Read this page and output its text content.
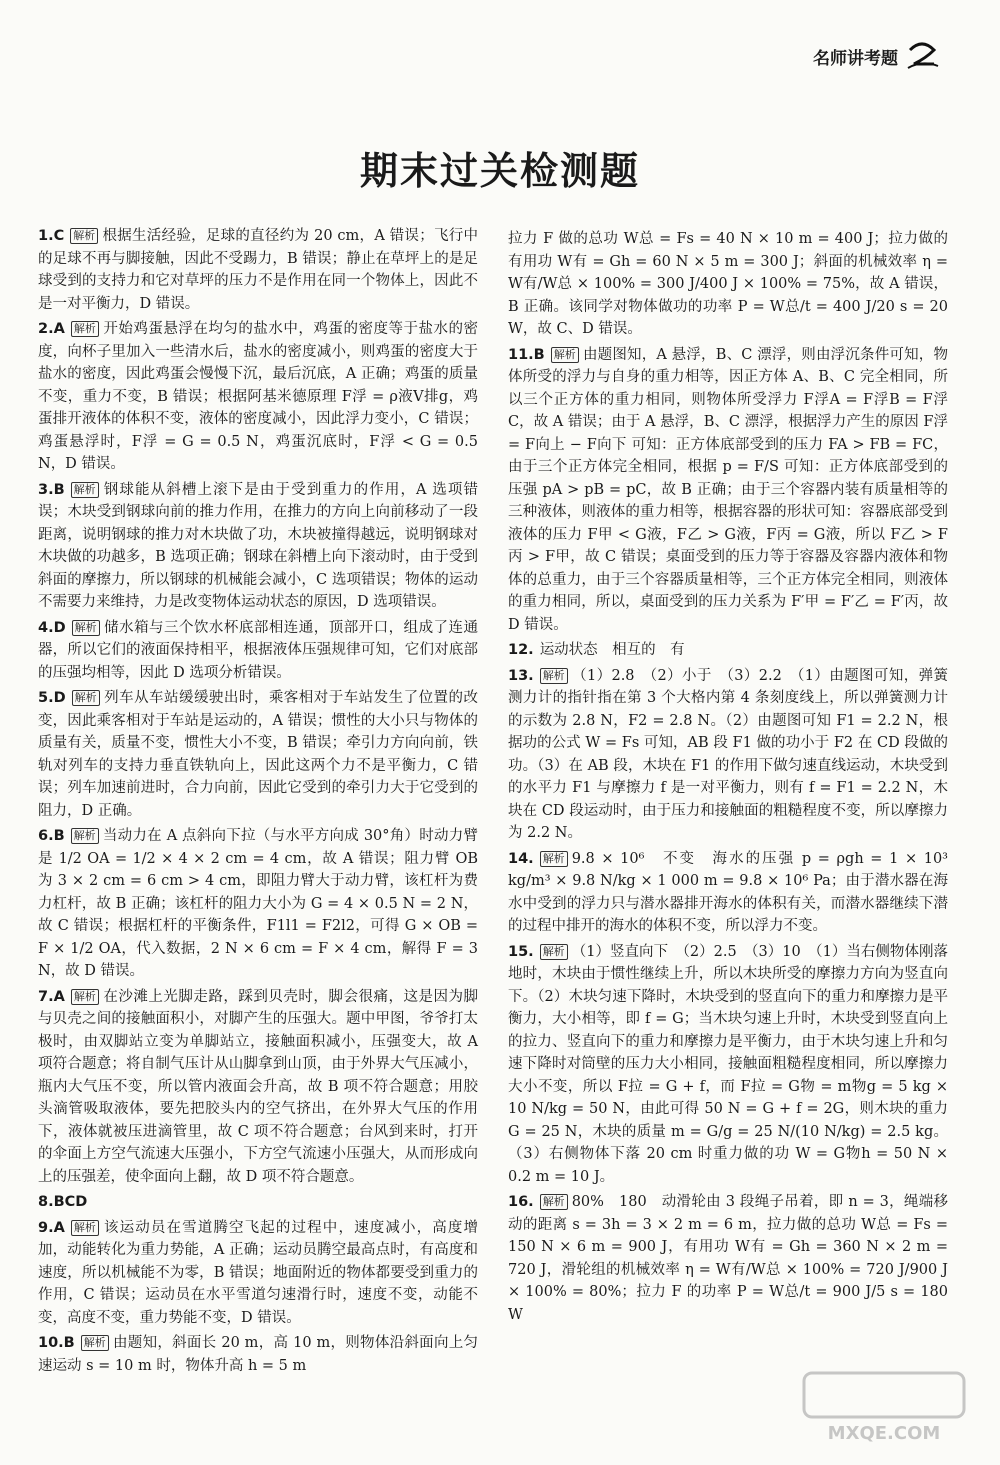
名师讲考题
期末过关检测题

1.C 解析 根据生活经验，足球的直径约为 20 cm，A 错误；飞行中的足球不再与脚接触，因此不受踢力，B 错误；静止在草坪上的是足球受到的支持力和它对草坪的压力不是作用在同一个物体上，因此不是一对平衡力，D 错误。

2.A 解析 开始鸡蛋悬浮在均匀的盐水中，鸡蛋的密度等于盐水的密度，向杯子里加入一些清水后，盐水的密度减小，则鸡蛋的密度大于盐水的密度，因此鸡蛋会慢慢下沉，最后沉底，A 正确；鸡蛋的质量不变，重力不变，B 错误；根据阿基米德原理 F浮 = ρ液V排g，鸡蛋排开液体的体积不变，液体的密度减小，因此浮力变小，C 错误；鸡蛋悬浮时，F浮 = G = 0.5 N，鸡蛋沉底时，F浮 < G = 0.5 N，D 错误。

3.B 解析 钢球能从斜槽上滚下是由于受到重力的作用，A 选项错误；木块受到钢球向前的推力作用，在推力的方向上向前移动了一段距离，说明钢球的推力对木块做了功，木块被撞得越远，说明钢球对木块做的功越多，B 选项正确；钢球在斜槽上向下滚动时，由于受到斜面的摩擦力，所以钢球的机械能会减小，C 选项错误；物体的运动不需要力来维持，力是改变物体运动状态的原因，D 选项错误。

4.D 解析 储水箱与三个饮水杯底部相连通，顶部开口，组成了连通器，所以它们的液面保持相平，根据液体压强规律可知，它们对底部的压强均相等，因此 D 选项分析错误。

5.D 解析 列车从车站缓缓驶出时，乘客相对于车站发生了位置的改变，因此乘客相对于车站是运动的，A 错误；惯性的大小只与物体的质量有关，质量不变，惯性大小不变，B 错误；牵引力方向向前，铁轨对列车的支持力垂直铁轨向上，因此这两个力不是平衡力，C 错误；列车加速前进时，合力向前，因此它受到的牵引力大于它受到的阻力，D 正确。

6.B 解析 当动力在 A 点斜向下拉（与水平方向成 30°角）时动力臂是 1/2 OA = 1/2 × 4 × 2 cm = 4 cm，故 A 错误；阻力臂 OB 为 3 × 2 cm = 6 cm > 4 cm，即阻力臂大于动力臂，该杠杆为费力杠杆，故 B 正确；该杠杆的阻力大小为 G = 4 × 0.5 N = 2 N，故 C 错误；根据杠杆的平衡条件，F1l1 = F2l2，可得 G × OB = F × 1/2 OA，代入数据，2 N × 6 cm = F × 4 cm，解得 F = 3 N，故 D 错误。

7.A 解析 在沙滩上光脚走路，踩到贝壳时，脚会很痛，这是因为脚与贝壳之间的接触面积小，对脚产生的压强大。题中甲图，爷爷打太极时，由双脚站立变为单脚站立，接触面积减小，压强变大，故 A 项符合题意；将自制气压计从山脚拿到山顶，由于外界大气压减小，瓶内大气压不变，所以管内液面会升高，故 B 项不符合题意；用胶头滴管吸取液体，要先把胶头内的空气挤出，在外界大气压的作用下，液体就被压进滴管里，故 C 项不符合题意；台风到来时，打开的伞面上方空气流速大压强小，下方空气流速小压强大，从而形成向上的压强差，使伞面向上翻，故 D 项不符合题意。

8.BCD

9.A 解析 该运动员在雪道腾空飞起的过程中，速度减小，高度增加，动能转化为重力势能，A 正确；运动员腾空最高点时，有高度和速度，所以机械能不为零，B 错误；地面附近的物体都要受到重力的作用，C 错误；运动员在水平雪道匀速滑行时，速度不变，动能不变，高度不变，重力势能不变，D 错误。

10.B 解析 由题知，斜面长 20 m，高 10 m，则物体沿斜面向上匀速运动 s = 10 m 时，物体升高 h = 5 m

拉力 F 做的总功 W总 = Fs = 40 N × 10 m = 400 J；拉力做的有用功 W有 = Gh = 60 N × 5 m = 300 J；斜面的机械效率 η = W有/W总 × 100% = 300 J/400 J × 100% = 75%，故 A 错误，B 正确。该同学对物体做功的功率 P = W总/t = 400 J/20 s = 20 W，故 C、D 错误。

11.B 解析 由题图知，A 悬浮，B、C 漂浮，则由浮沉条件可知，物体所受的浮力与自身的重力相等，因正方体 A、B、C 完全相同，所以三个正方体的重力相同，则物体所受浮力 F浮A = F浮B = F浮C，故 A 错误；由于 A 悬浮，B、C 漂浮，根据浮力产生的原因 F浮 = F向上 − F向下 可知：正方体底部受到的压力 FA > FB = FC，由于三个正方体完全相同，根据 p = F/S 可知：正方体底部受到的压强 pA > pB = pC，故 B 正确；由于三个容器内装有质量相等的三种液体，则液体的重力相等，根据容器的形状可知：容器底部受到液体的压力 F甲 < G液，F乙 > G液，F丙 = G液，所以 F乙 > F丙 > F甲，故 C 错误；桌面受到的压力等于容器及容器内液体和物体的总重力，由于三个容器质量相等，三个正方体完全相同，则液体的重力相同，所以，桌面受到的压力关系为 F′甲 = F′乙 = F′丙，故 D 错误。

12. 运动状态　相互的　有

13. 解析 （1）2.8　（2）小于　（3）2.2　（1）由题图可知，弹簧测力计的指针指在第 3 个大格内第 4 条刻度线上，所以弹簧测力计的示数为 2.8 N，F2 = 2.8 N。（2）由题图可知 F1 = 2.2 N，根据功的公式 W = Fs 可知，AB 段 F1 做的功小于 F2 在 CD 段做的功。（3）在 AB 段，木块在 F1 的作用下做匀速直线运动，木块受到的水平力 F1 与摩擦力 f 是一对平衡力，则有 f = F1 = 2.2 N，木块在 CD 段运动时，由于压力和接触面的粗糙程度不变，所以摩擦力为 2.2 N。

14. 解析 9.8 × 10⁶　不变　海水的压强 p = ρgh = 1 × 10³ kg/m³ × 9.8 N/kg × 1 000 m = 9.8 × 10⁶ Pa；由于潜水器在海水中受到的浮力只与潜水器排开海水的体积有关，而潜水器继续下潜的过程中排开的海水的体积不变，所以浮力不变。

15. 解析 （1）竖直向下　（2）2.5　（3）10　（1）当右侧物体刚落地时，木块由于惯性继续上升，所以木块所受的摩擦力方向为竖直向下。（2）木块匀速下降时，木块受到的竖直向下的重力和摩擦力是平衡力，大小相等，即 f = G；当木块匀速上升时，木块受到竖直向上的拉力、竖直向下的重力和摩擦力是平衡力，由于木块匀速上升和匀速下降时对筒壁的压力大小相同，接触面粗糙程度相同，所以摩擦力大小不变，所以 F拉 = G + f，而 F拉 = G物 = m物g = 5 kg × 10 N/kg = 50 N，由此可得 50 N = G + f = 2G，则木块的重力 G = 25 N，木块的质量 m = G/g = 25 N/(10 N/kg) = 2.5 kg。（3）右侧物体下落 20 cm 时重力做的功 W = G物h = 50 N × 0.2 m = 10 J。

16. 解析 80%　180　动滑轮由 3 段绳子吊着，即 n = 3，绳端移动的距离 s = 3h = 3 × 2 m = 6 m，拉力做的总功 W总 = Fs = 150 N × 6 m = 900 J，有用功 W有 = Gh = 360 N × 2 m = 720 J，滑轮组的机械效率 η = W有/W总 × 100% = 720 J/900 J × 100% = 80%；拉力 F 的功率 P = W总/t = 900 J/5 s = 180 W

MXQE.COM
